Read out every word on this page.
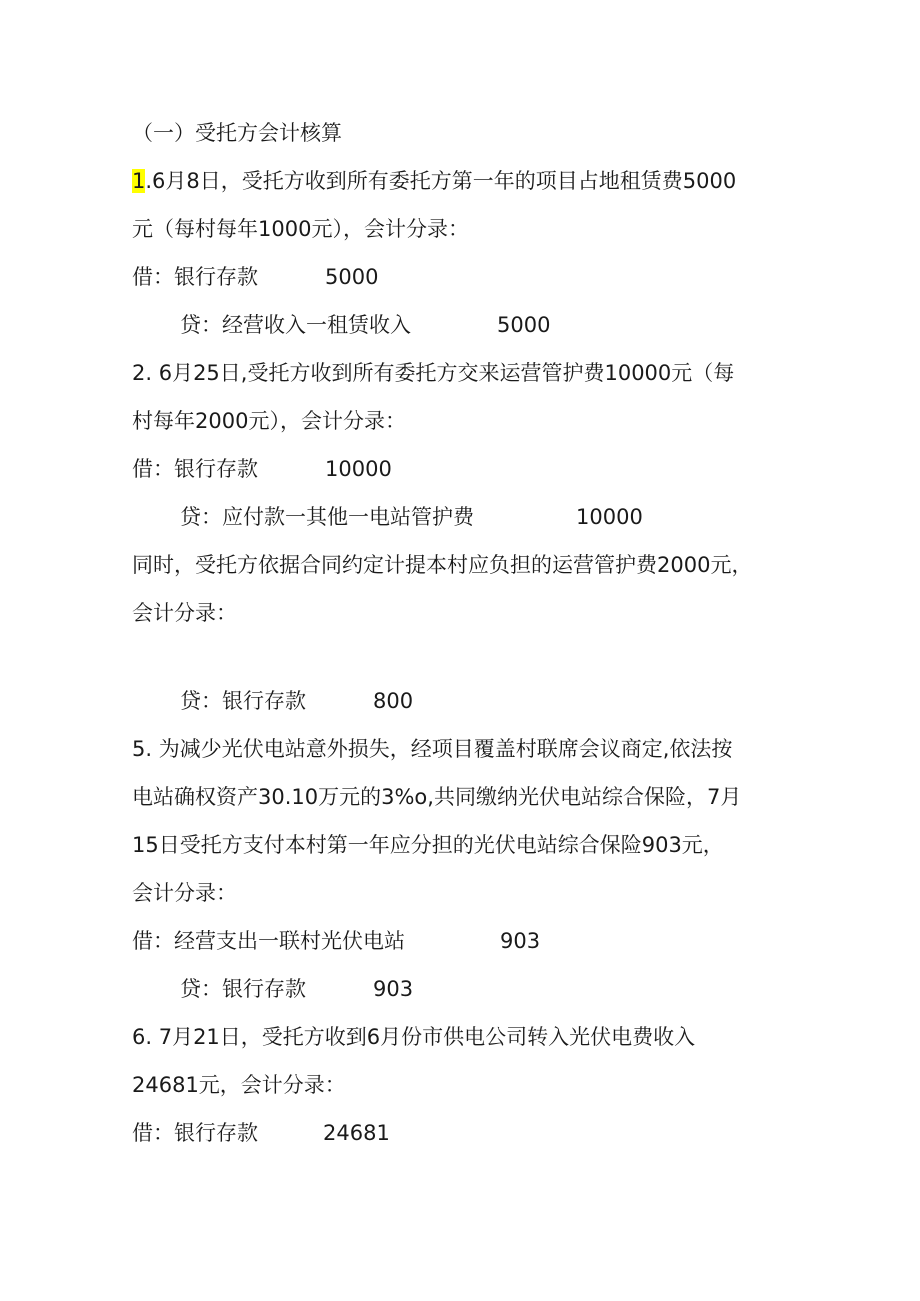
（一）受托方会计核算
1.6月8日，受托方收到所有委托方第一年的项目占地租赁费5000
元（每村每年1000元），会计分录：
借：银行存款	5000
贷：经营收入一租赁收入	5000
2. 6月25日,受托方收到所有委托方交来运营管护费10000元（每
村每年2000元），会计分录：
借：银行存款	10000
贷：应付款一其他一电站管护费	10000
同时，受托方依据合同约定计提本村应负担的运营管护费2000元，
会计分录：
贷：银行存款	800
5. 为减少光伏电站意外损失，经项目覆盖村联席会议商定,依法按
电站确权资产30.10万元的3%o,共同缴纳光伏电站综合保险，7月
15日受托方支付本村第一年应分担的光伏电站综合保险903元，
会计分录：
借：经营支出一联村光伏电站	903
贷：银行存款	903
6. 7月21日，受托方收到6月份市供电公司转入光伏电费收入
24681元，会计分录：
借：银行存款	24681
